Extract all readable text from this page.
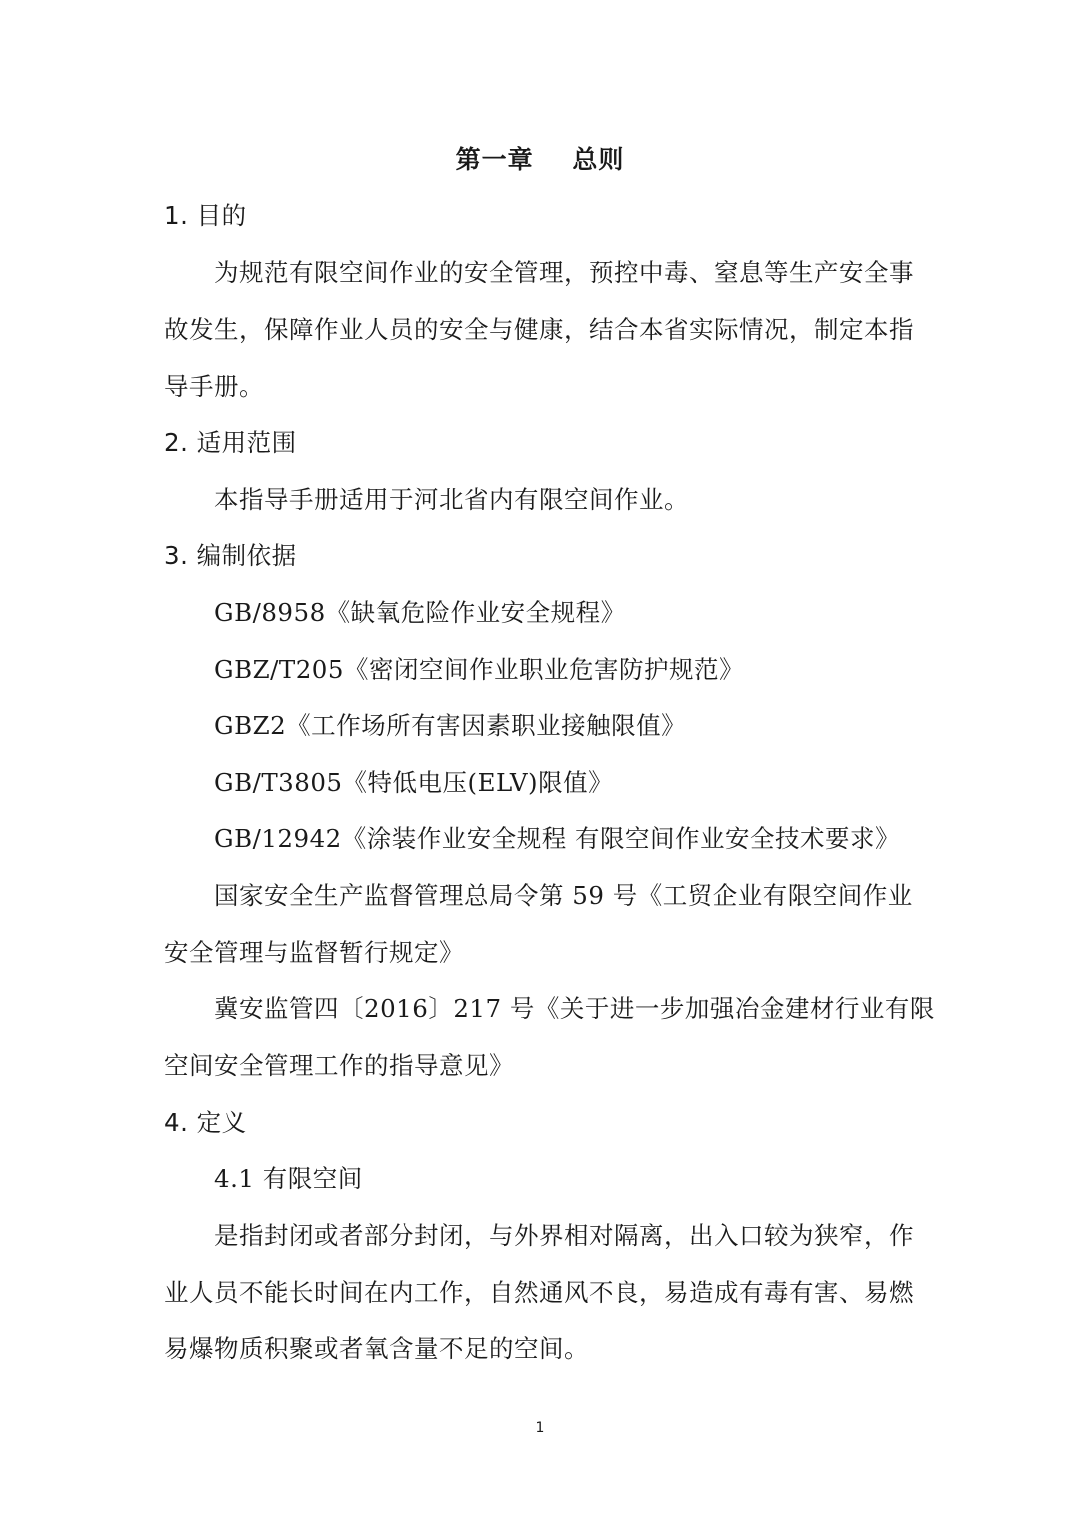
第一章    总则
1. 目的
为规范有限空间作业的安全管理，预控中毒、窒息等生产安全事
故发生，保障作业人员的安全与健康，结合本省实际情况，制定本指
导手册。
2. 适用范围
本指导手册适用于河北省内有限空间作业。
3. 编制依据
GB/8958《缺氧危险作业安全规程》
GBZ/T205《密闭空间作业职业危害防护规范》
GBZ2《工作场所有害因素职业接触限值》
GB/T3805《特低电压(ELV)限值》
GB/12942《涂装作业安全规程 有限空间作业安全技术要求》
国家安全生产监督管理总局令第 59 号《工贸企业有限空间作业
安全管理与监督暂行规定》
冀安监管四〔2016〕217 号《关于进一步加强冶金建材行业有限
空间安全管理工作的指导意见》
4. 定义
4.1 有限空间
是指封闭或者部分封闭，与外界相对隔离，出入口较为狭窄，作
业人员不能长时间在内工作，自然通风不良，易造成有毒有害、易燃
易爆物质积聚或者氧含量不足的空间。
1
